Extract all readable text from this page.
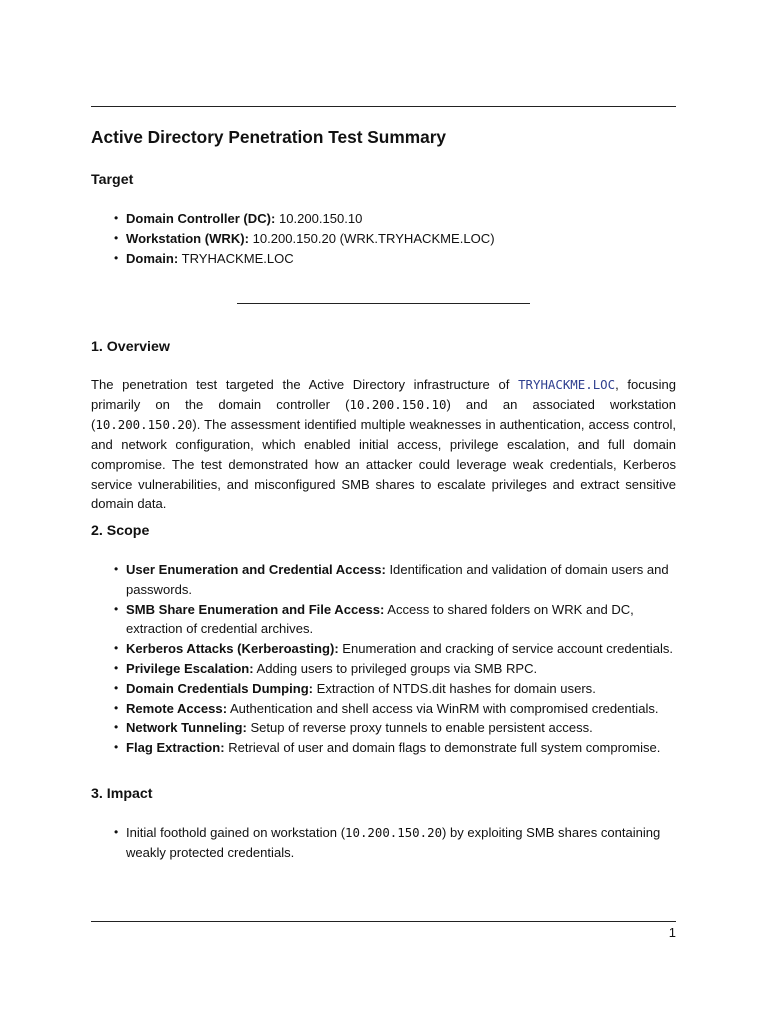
Active Directory Penetration Test Summary
Target
• Domain Controller (DC): 10.200.150.10
• Workstation (WRK): 10.200.150.20 (WRK.TRYHACKME.LOC)
• Domain: TRYHACKME.LOC
1. Overview

The penetration test targeted the Active Directory infrastructure of TRYHACKME.LOC, focusing primarily on the domain controller (10.200.150.10) and an associated workstation (10.200.150.20). The assessment identified multiple weaknesses in authentication, access control, and network configuration, which enabled initial access, privilege escalation, and full domain compromise. The test demonstrated how an attacker could leverage weak credentials, Kerberos service vulnerabilities, and misconfigured SMB shares to escalate privileges and extract sensitive domain data.

2. Scope
• User Enumeration and Credential Access: Identification and validation of domain users and passwords.
• SMB Share Enumeration and File Access: Access to shared folders on WRK and DC, extraction of credential archives.
• Kerberos Attacks (Kerberoasting): Enumeration and cracking of service account credentials.
• Privilege Escalation: Adding users to privileged groups via SMB RPC.
• Domain Credentials Dumping: Extraction of NTDS.dit hashes for domain users.
• Remote Access: Authentication and shell access via WinRM with compromised credentials.
• Network Tunneling: Setup of reverse proxy tunnels to enable persistent access.
• Flag Extraction: Retrieval of user and domain flags to demonstrate full system compromise.
3. Impact
• Initial foothold gained on workstation (10.200.150.20) by exploiting SMB shares containing weakly protected credentials.
1
